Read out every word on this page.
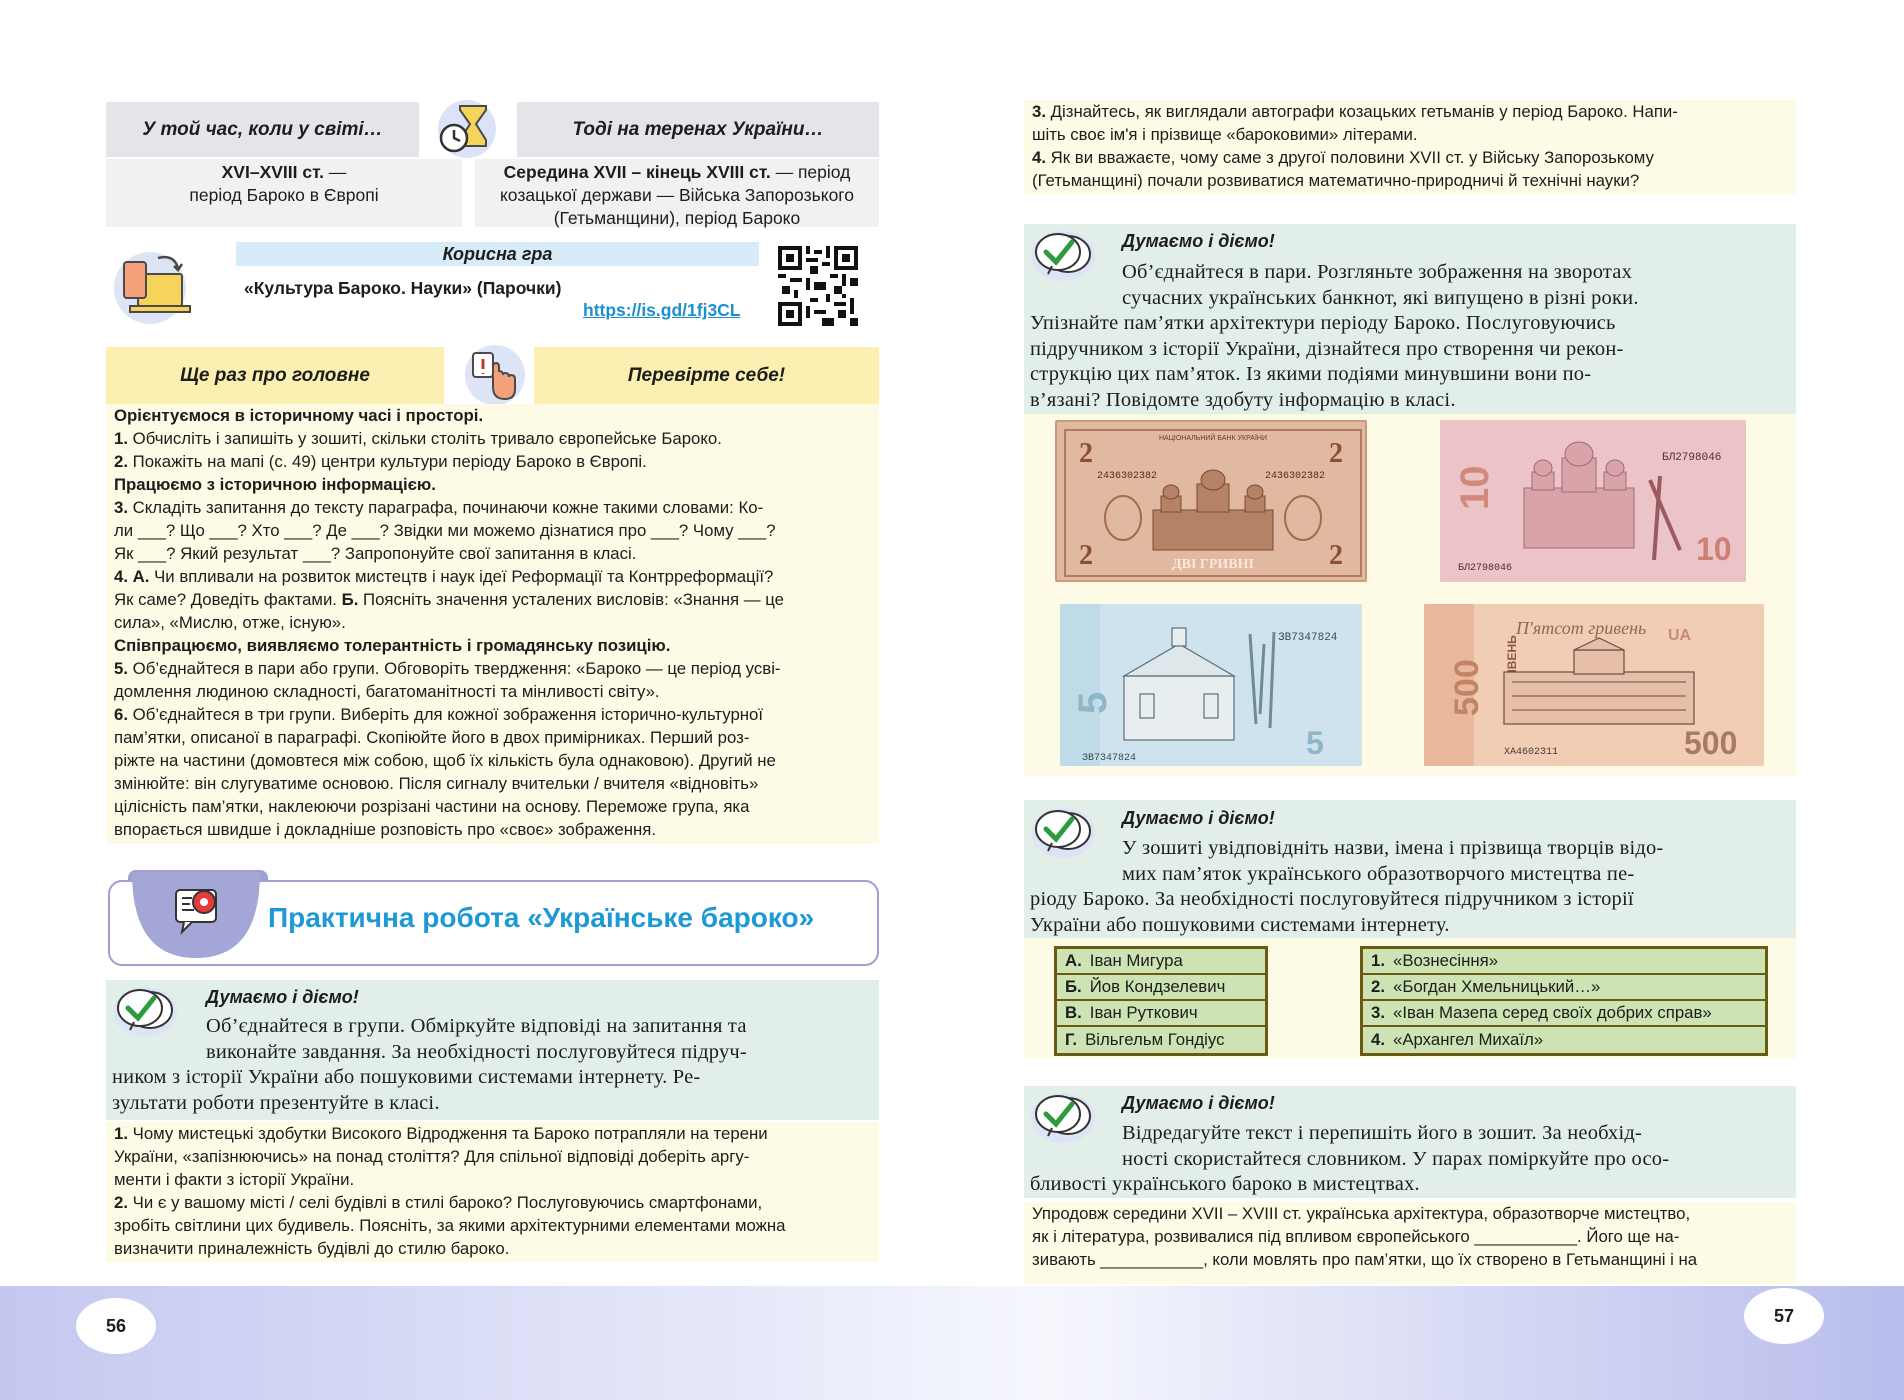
У той час, коли у світі…	Тоді на теренах України…
XVI–XVIII ст. —
період Бароко в Європі
Середина XVII – кінець XVIII ст. — період
козацької держави — Війська Запорозького
(Гетьманщини), період Бароко
Корисна гра
«Культура Бароко. Науки» (Парочки)
https://is.gd/1fj3CL
Ще раз про головне	Перевірте себе!
Орієнтуємося в історичному часі і просторі.
1. Обчисліть і запишіть у зошиті, скільки століть тривало європейське Бароко.
2. Покажіть на мапі (с. 49) центри культури періоду Бароко в Європі.
Працюємо з історичною інформацією.
3. Складіть запитання до тексту параграфа, починаючи кожне такими словами: Ко-
ли ___? Що ___? Хто ___? Де ___? Звідки ми можемо дізнатися про ___? Чому ___?
Як ___? Який результат ___? Запропонуйте свої запитання в класі.
4. А. Чи впливали на розвиток мистецтв і наук ідеї Реформації та Контрреформації?
Як саме? Доведіть фактами. Б. Поясніть значення усталених висловів: «Знання — це
сила», «Мислю, отже, існую».
Співпрацюємо, виявляємо толерантність і громадянську позицію.
5. Об’єднайтеся в пари або групи. Обговоріть твердження: «Бароко — це період усві-
домлення людиною складності, багатоманітності та мінливості світу».
6. Об’єднайтеся в три групи. Виберіть для кожної зображення історично-культурної
пам’ятки, описаної в параграфі. Скопіюйте його в двох примірниках. Перший роз-
ріжте на частини (домовтеся між собою, щоб їх кількість була однаковою). Другий не
змінюйте: він слугуватиме основою. Після сигналу вчительки / вчителя «відновіть»
цілісність пам’ятки, наклеюючи розрізані частини на основу. Переможе група, яка
впорається швидше і докладніше розповість про «своє» зображення.
Практична робота «Українське бароко»
Думаємо і діємо!
Об’єднайтеся в групи. Обміркуйте відповіді на запитання та
виконайте завдання. За необхідності послуговуйтеся підруч-
ником з історії України або пошуковими системами інтернету. Ре-
зультати роботи презентуйте в класі.
1. Чому мистецькі здобутки Високого Відродження та Бароко потрапляли на терени
України, «запізнюючись» на понад століття? Для спільної відповіді доберіть аргу-
менти і факти з історії України.
2. Чи є у вашому місті / селі будівлі в стилі бароко? Послуговуючись смартфонами,
зробіть світлини цих будивель. Поясніть, за якими архітектурними елементами можна
визначити приналежність будівлі до стилю бароко.
3. Дізнайтесь, як виглядали автографи козацьких гетьманів у період Бароко. Напи-
шіть своє ім'я і прізвище «бароковими» літерами.
4. Як ви вважаєте, чому саме з другої половини XVII ст. у Війську Запорозькому
(Гетьманщині) почали розвиватися математично-природничі й технічні науки?
Думаємо і діємо!
Об’єднайтеся в пари. Розгляньте зображення на зворотах
сучасних українських банкнот, які випущено в різні роки.
Упізнайте пам’ятки архітектури періоду Бароко. Послуговуючись
підручником з історії України, дізнайтеся про створення чи рекон-
струкцію цих пам’яток. Із якими подіями минувшини вони по-
в’язані? Повідомте здобуту інформацію в класі.
2	2
2	2
НАЦІОНАЛЬНИЙ БАНК УКРАЇНИ
2436302382	2436302382
ДВІ ГРИВНІ
10
БЛ2798046
БЛ2798046
10
5
ЗВ7347824
ЗВ7347824	5
500
П'ятсот гривень UA
ХА4602311	500
Думаємо і діємо!
У зошиті увідповідніть назви, імена і прізвища творців відо-
мих пам’яток українського образотворчого мистецтва пе-
ріоду Бароко. За необхідності послуговуйтеся підручником з історії
України або пошуковими системами інтернету.
А. Іван Мигура
Б. Йов Кондзелевич
В. Іван Руткович
Г. Вільгельм Гондіус
1. «Вознесіння»
2. «Богдан Хмельницький…»
3. «Іван Мазепа серед своїх добрих справ»
4. «Архангел Михаїл»
Думаємо і діємо!
Відредагуйте текст і перепишіть його в зошит. За необхід-
ності скористайтеся словником. У парах поміркуйте про осо-
бливості українського бароко в мистецтвах.
Упродовж середини XVII – XVIII ст. українська архітектура, образотворче мистецтво,
як і література, розвивалися під впливом європейського ___________. Його ще на-
зивають ___________, коли мовлять про пам’ятки, що їх створено в Гетьманщині і на
56	57
